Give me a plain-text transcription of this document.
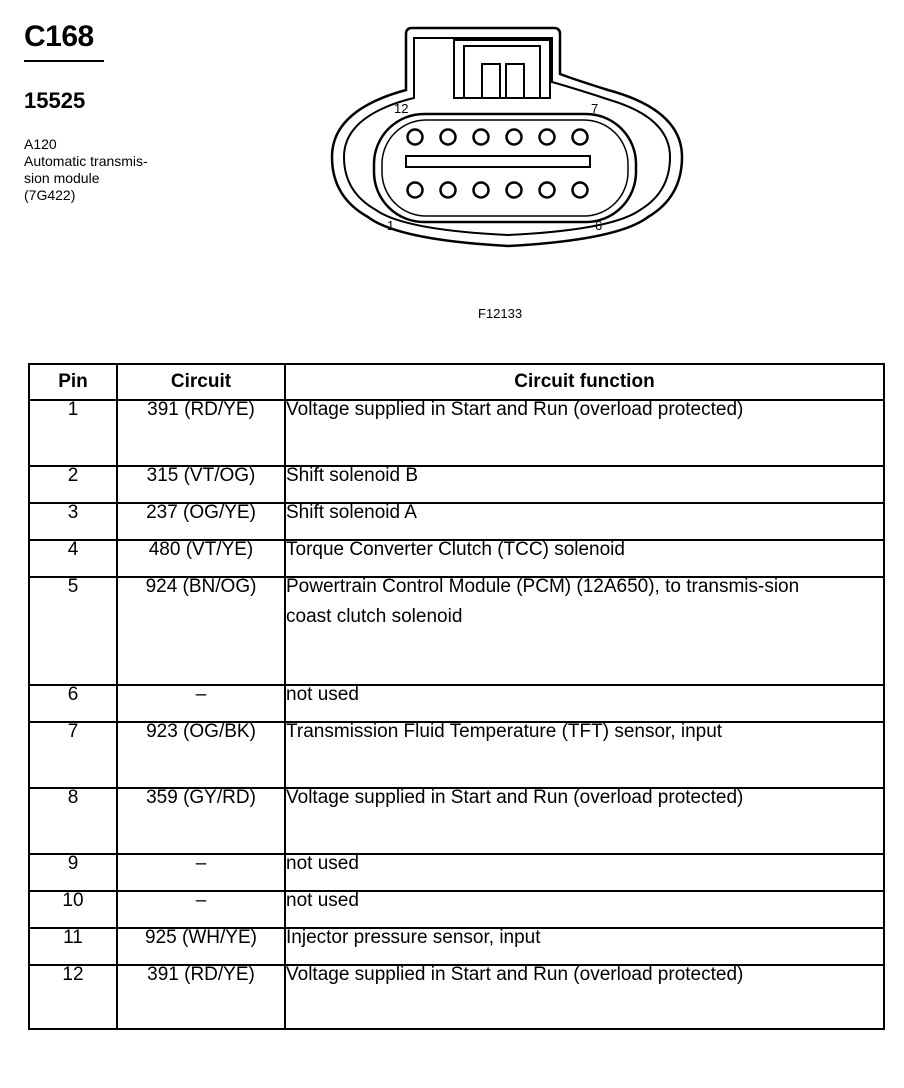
C168
15525
A120
Automatic transmis-
sion module
(7G422)
12	7
1	6
F12133
Pin	Circuit	Circuit function

1	391 (RD/YE)	Voltage supplied in Start and Run (overload protected)

2	315 (VT/OG)	Shift solenoid B

3	237 (OG/YE)	Shift solenoid A

4	480 (VT/YE)	Torque Converter Clutch (TCC) solenoid

5	924 (BN/OG)	Powertrain Control Module (PCM) (12A650), to transmis-sion coast clutch solenoid

6	–	not used

7	923 (OG/BK)	Transmission Fluid Temperature (TFT) sensor, input

8	359 (GY/RD)	Voltage supplied in Start and Run (overload protected)

9	–	not used

10	–	not used

11	925 (WH/YE)	Injector pressure sensor, input

12	391 (RD/YE)	Voltage supplied in Start and Run (overload protected)
